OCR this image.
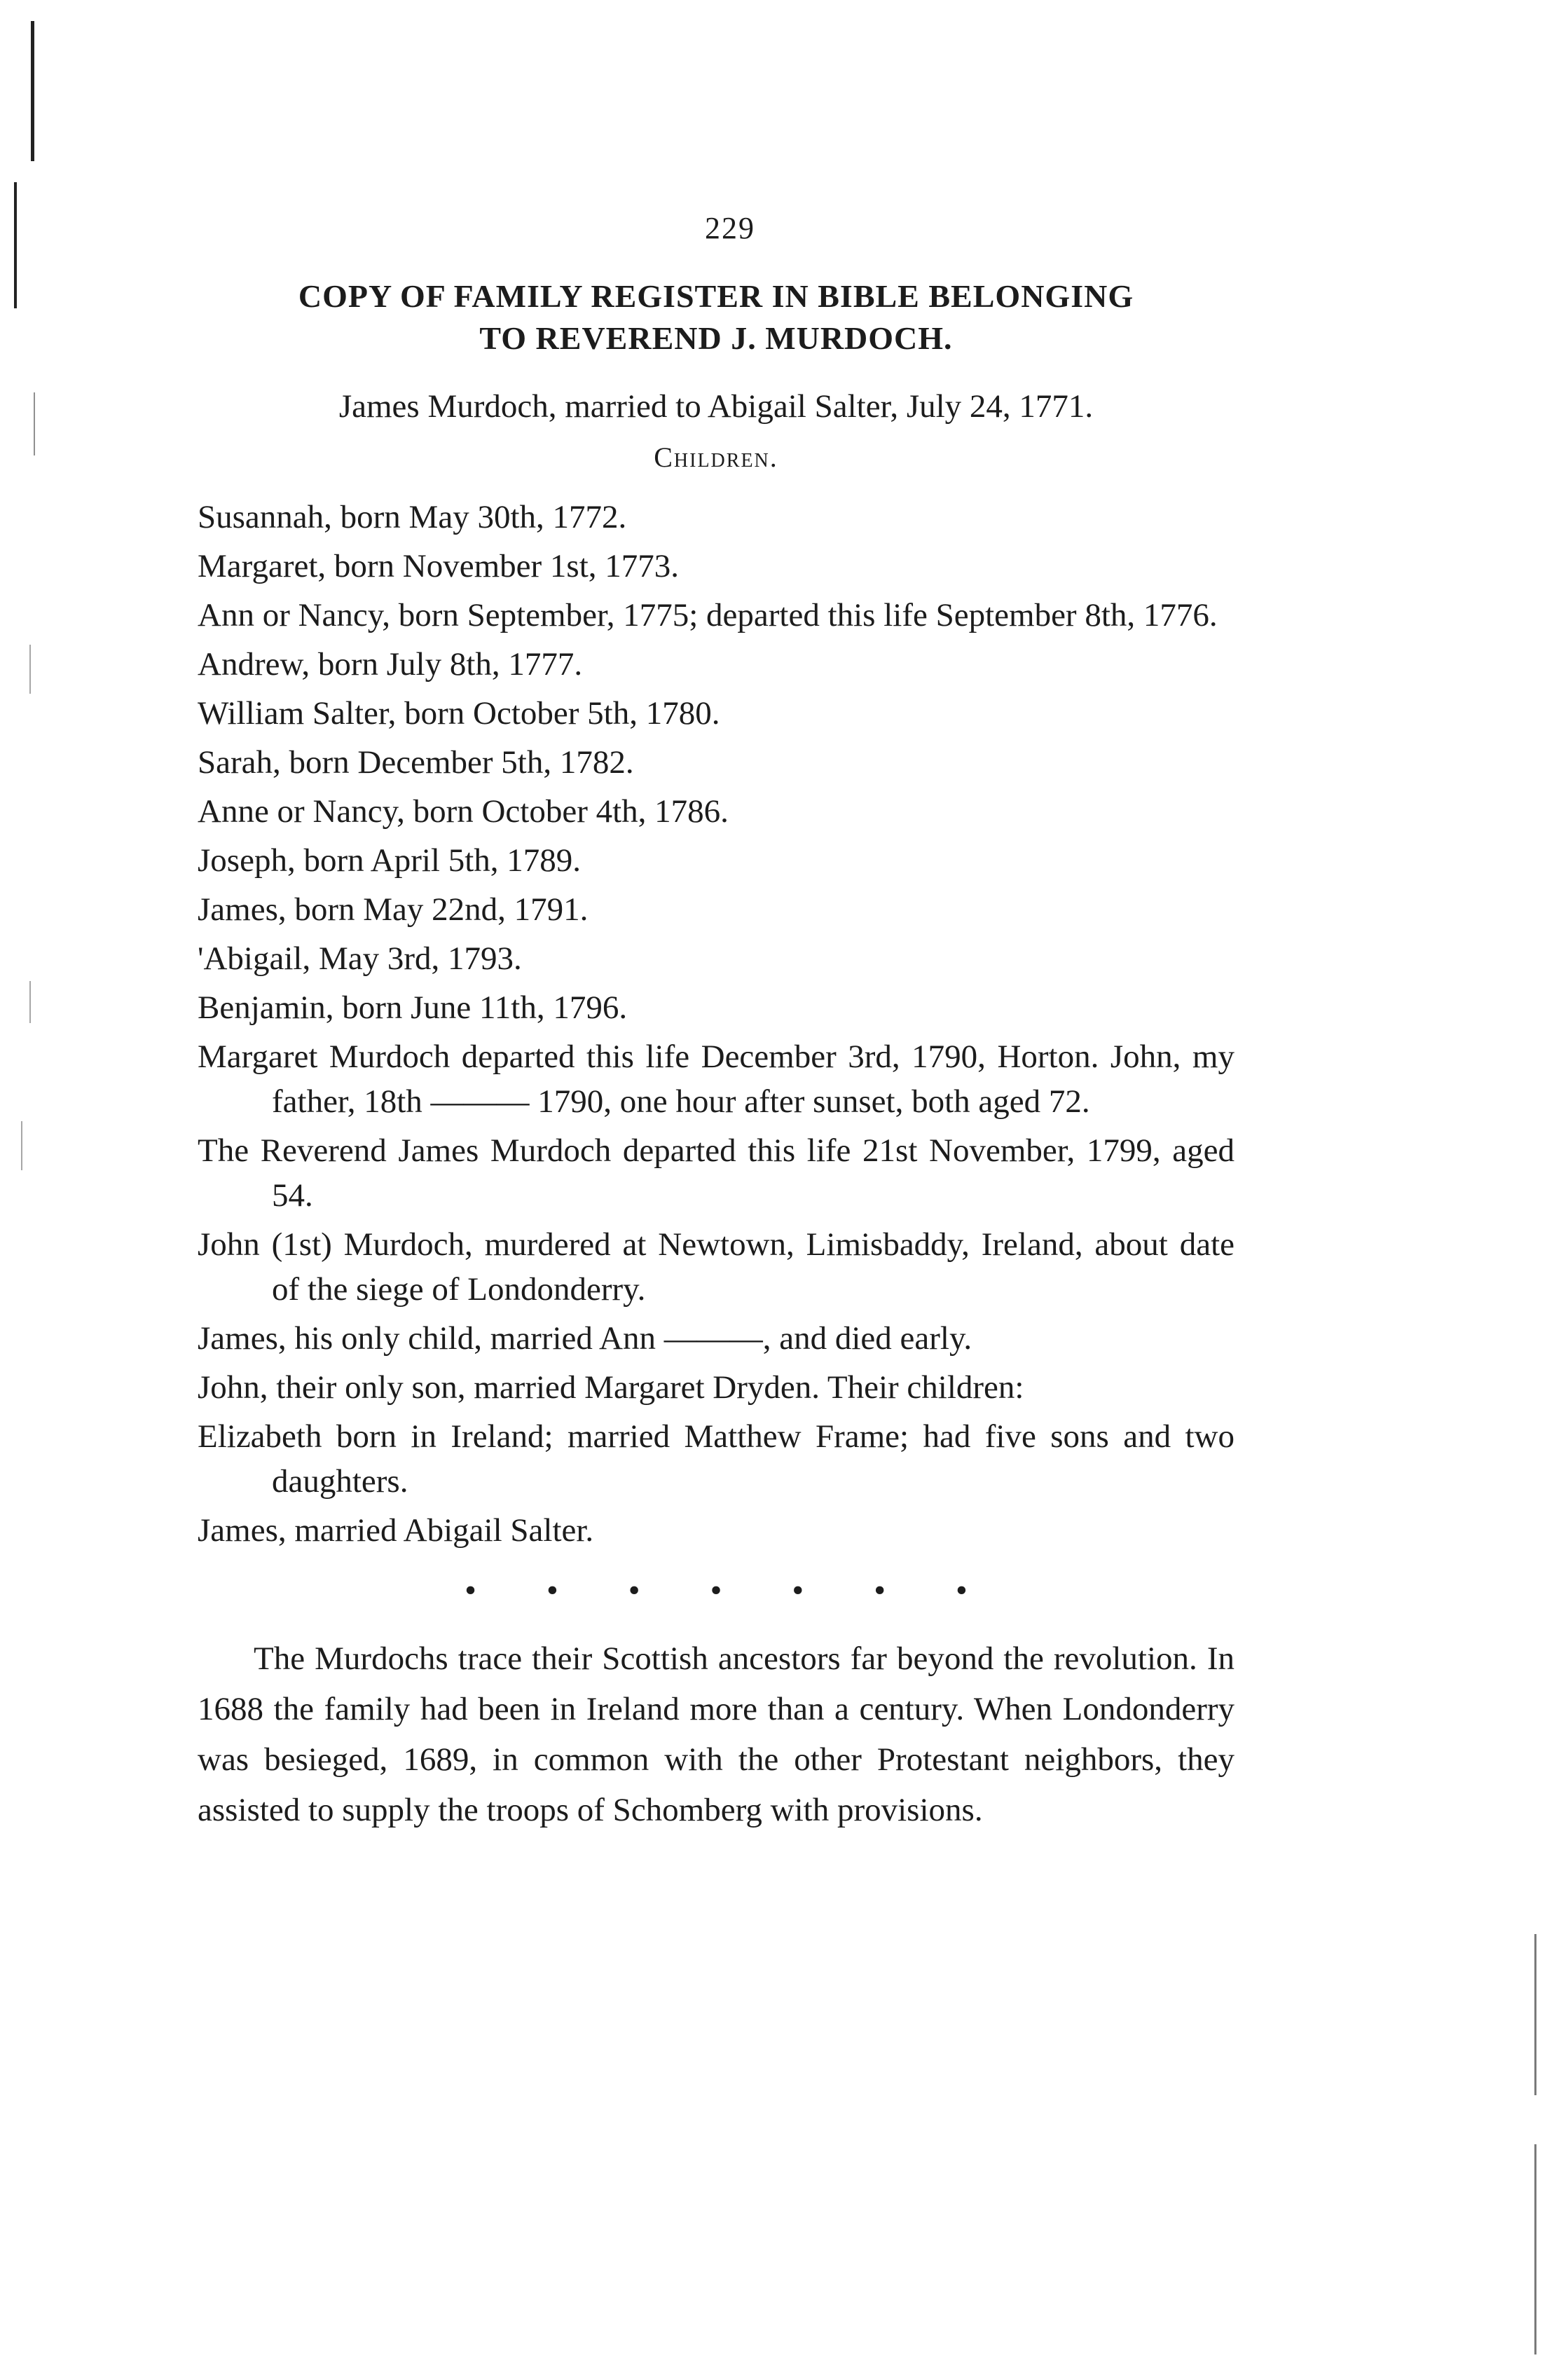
229
COPY OF FAMILY REGISTER IN BIBLE BELONGING
TO REVEREND J. MURDOCH.

James Murdoch, married to Abigail Salter, July 24, 1771.

Children.

Susannah, born May 30th, 1772.
Margaret, born November 1st, 1773.
Ann or Nancy, born September, 1775; departed this life September 8th, 1776.
Andrew, born July 8th, 1777.
William Salter, born October 5th, 1780.
Sarah, born December 5th, 1782.
Anne or Nancy, born October 4th, 1786.
Joseph, born April 5th, 1789.
James, born May 22nd, 1791.
'Abigail, May 3rd, 1793.
Benjamin, born June 11th, 1796.
Margaret Murdoch departed this life December 3rd, 1790, Horton. John, my father, 18th ——— 1790, one hour after sunset, both aged 72.
The Reverend James Murdoch departed this life 21st November, 1799, aged 54.
John (1st) Murdoch, murdered at Newtown, Limisbaddy, Ireland, about date of the siege of Londonderry.
James, his only child, married Ann ———, and died early.
John, their only son, married Margaret Dryden. Their children:
Elizabeth born in Ireland; married Matthew Frame; had five sons and two daughters.
James, married Abigail Salter.
• • • • • • •

The Murdochs trace their Scottish ancestors far beyond the revolution. In 1688 the family had been in Ireland more than a century. When Londonderry was besieged, 1689, in common with the other Protestant neighbors, they assisted to supply the troops of Schomberg with provisions.
